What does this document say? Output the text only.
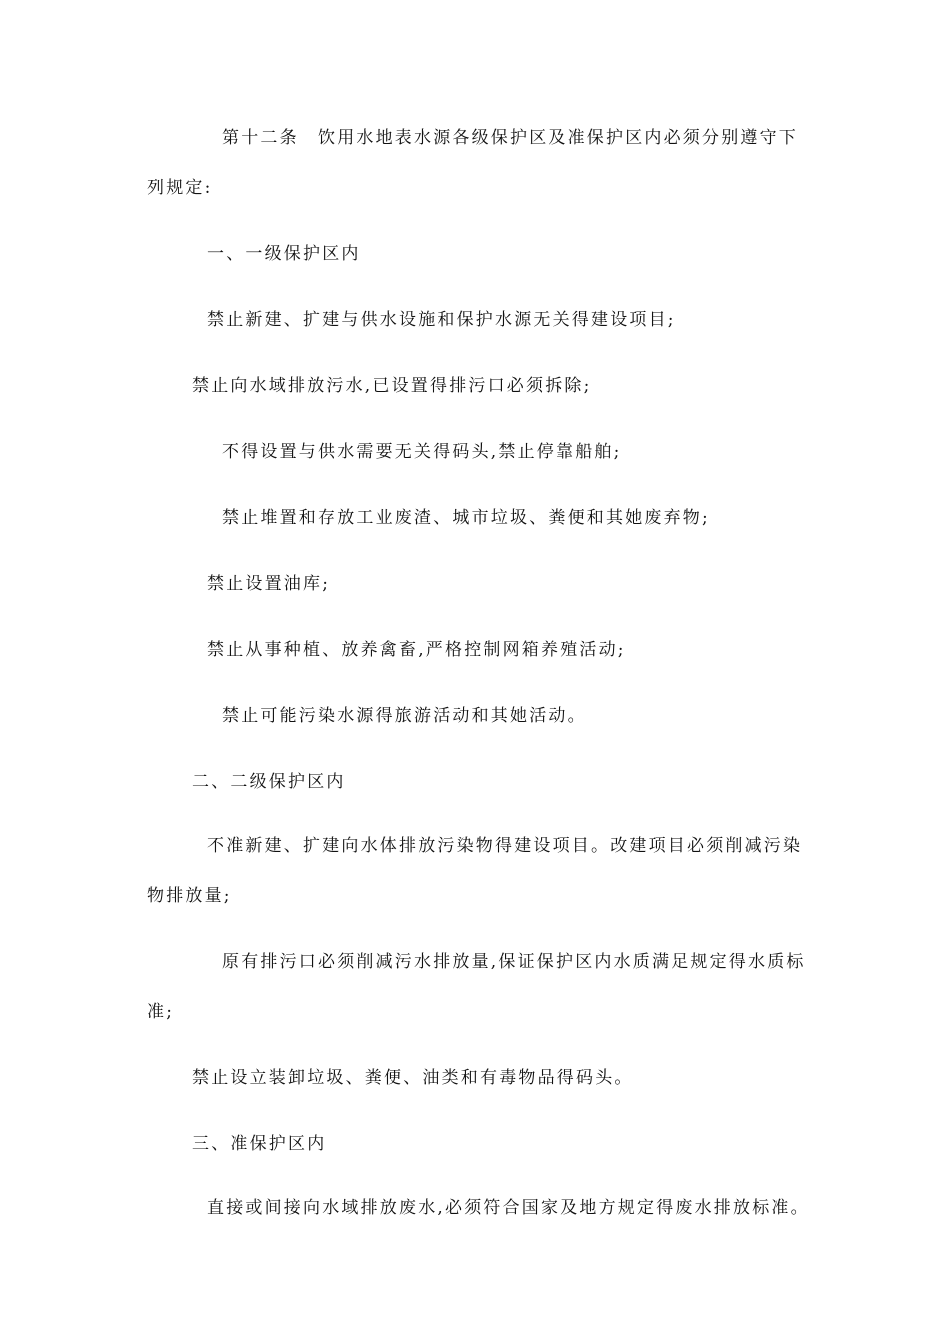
第十二条　饮用水地表水源各级保护区及准保护区内必须分别遵守下

列规定:

一、一级保护区内

禁止新建、扩建与供水设施和保护水源无关得建设项目;

禁止向水域排放污水,已设置得排污口必须拆除;

不得设置与供水需要无关得码头,禁止停靠船舶;

禁止堆置和存放工业废渣、城市垃圾、粪便和其她废弃物;

禁止设置油库;

禁止从事种植、放养禽畜,严格控制网箱养殖活动;

禁止可能污染水源得旅游活动和其她活动。

二、二级保护区内

不准新建、扩建向水体排放污染物得建设项目。改建项目必须削减污染

物排放量;

原有排污口必须削减污水排放量,保证保护区内水质满足规定得水质标

准;

禁止设立装卸垃圾、粪便、油类和有毒物品得码头。

三、准保护区内

直接或间接向水域排放废水,必须符合国家及地方规定得废水排放标准。
